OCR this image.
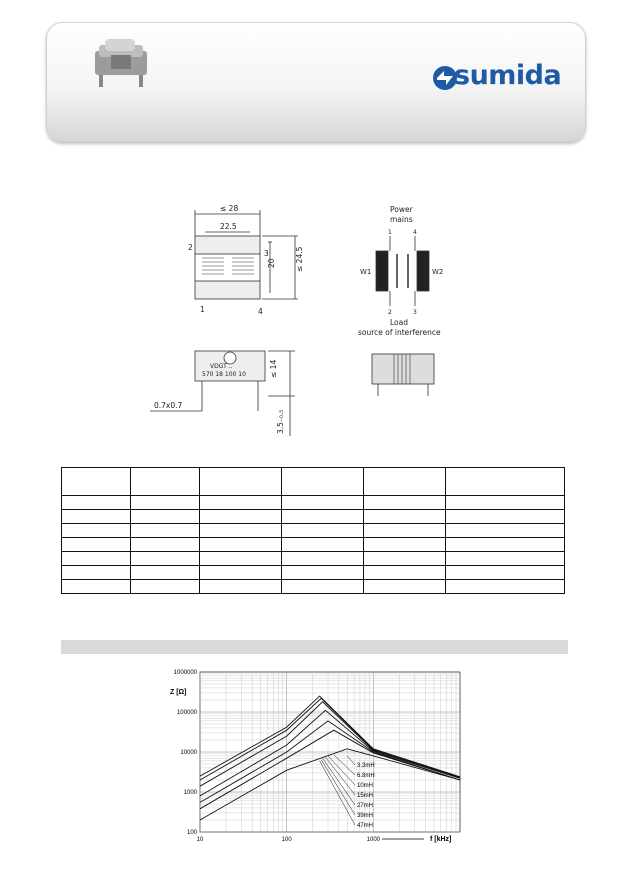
sumida
≤ 28
22.5
20	≤ 24.5
≤ 14
0.7x0.7
3.5₋₀.₅
2
3
1	4
VDGT ..
570 18 100 10
Power
mains
1	4
W1	W2
2	3
Load
source of interference

10	100	1000
1000000
100000
10000
1000
100
Z [Ω]
f [kHz]
3.3mH
6.8mH
10mH
15mH
27mH
39mH
47mH
